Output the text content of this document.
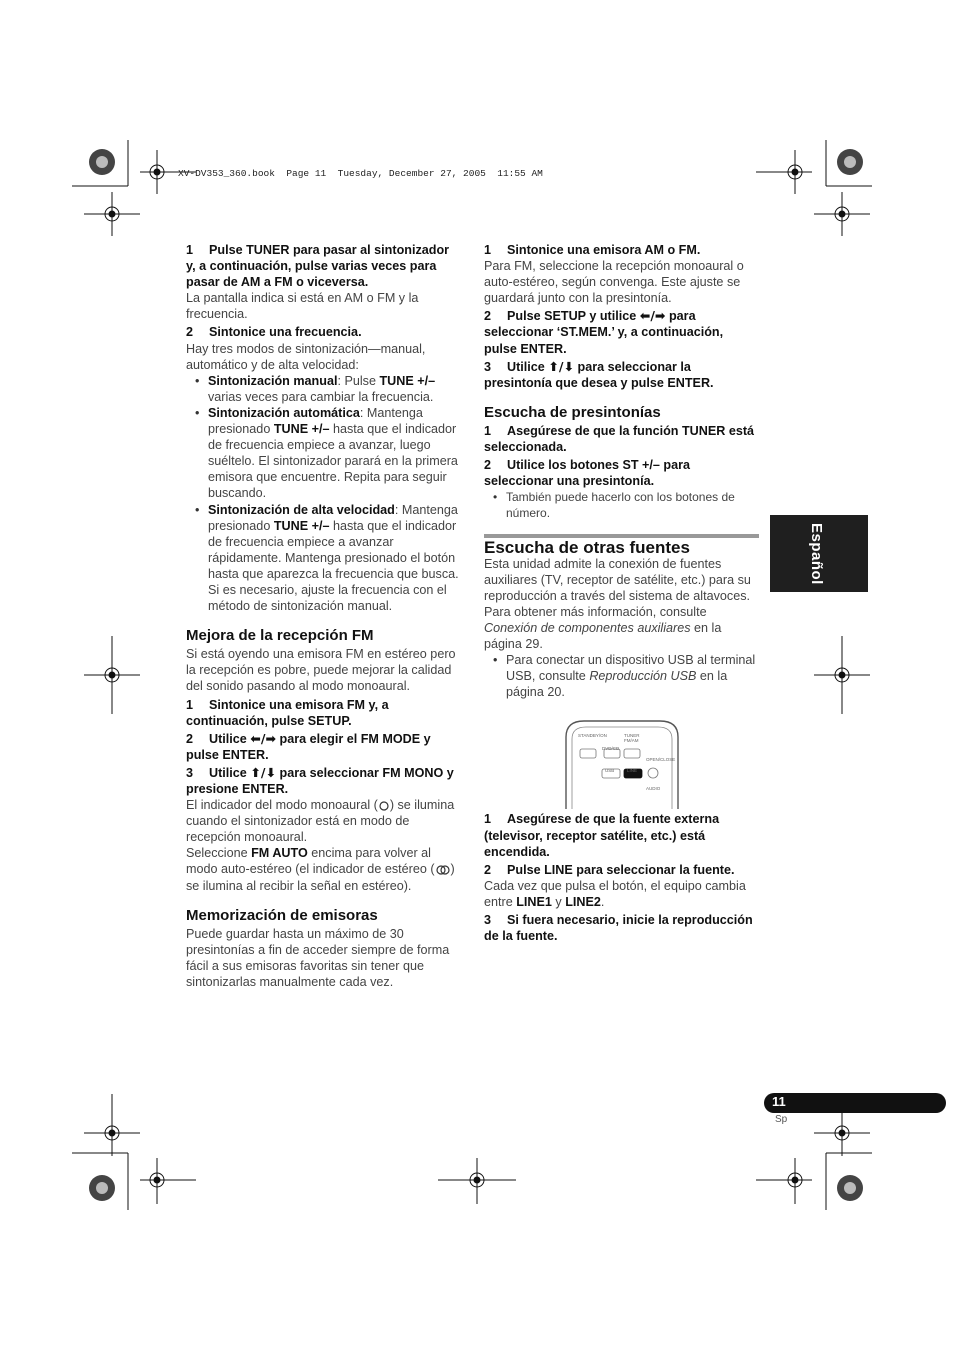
XV-DV353_360.book  Page 11  Tuesday, December 27, 2005  11:55 AM

1 Pulse TUNER para pasar al sintonizador y, a continuación, pulse varias veces para pasar de AM a FM o viceversa.

La pantalla indica si está en AM o FM y la frecuencia.

2 Sintonice una frecuencia.

Hay tres modos de sintonización—manual, automático y de alta velocidad:

• Sintonización manual: Pulse TUNE +/– varias veces para cambiar la frecuencia.
• Sintonización automática: Mantenga presionado TUNE +/– hasta que el indicador de frecuencia empiece a avanzar, luego suéltelo. El sintonizador parará en la primera emisora que encuentre. Repita para seguir buscando.
• Sintonización de alta velocidad: Mantenga presionado TUNE +/– hasta que el indicador de frecuencia empiece a avanzar rápidamente. Mantenga presionado el botón hasta que aparezca la frecuencia que busca. Si es necesario, ajuste la frecuencia con el método de sintonización manual.

Mejora de la recepción FM

Si está oyendo una emisora FM en estéreo pero la recepción es pobre, puede mejorar la calidad del sonido pasando al modo monoaural.

1 Sintonice una emisora FM y, a continuación, pulse SETUP.

2 Utilice ⬅/➡ para elegir el FM MODE y pulse ENTER.

3 Utilice ⬆/⬇ para seleccionar FM MONO y presione ENTER.

El indicador del modo monoaural ( ) se ilumina cuando el sintonizador está en modo de recepción monoaural.

Seleccione FM AUTO encima para volver al modo auto-estéreo (el indicador de estéreo ( ) se ilumina al recibir la señal en estéreo).

Memorización de emisoras

Puede guardar hasta un máximo de 30 presintonías a fin de acceder siempre de forma fácil a sus emisoras favoritas sin tener que sintonizarlas manualmente cada vez.

1 Sintonice una emisora AM o FM.

Para FM, seleccione la recepción monoaural o auto-estéreo, según convenga. Este ajuste se guardará junto con la presintonía.

2 Pulse SETUP y utilice ⬅/➡ para seleccionar ‘ST.MEM.’ y, a continuación, pulse ENTER.

3 Utilice ⬆/⬇ para seleccionar la presintonía que desea y pulse ENTER.

Escucha de presintonías

1 Asegúrese de que la función TUNER está seleccionada.

2 Utilice los botones ST +/– para seleccionar una presintonía.

• También puede hacerlo con los botones de número.

Escucha de otras fuentes

Esta unidad admite la conexión de fuentes auxiliares (TV, receptor de satélite, etc.) para su reproducción a través del sistema de altavoces. Para obtener más información, consulte Conexión de componentes auxiliares en la página 29.

• Para conectar un dispositivo USB al terminal USB, consulte Reproducción USB en la página 20.
STANDBY/ON
DVD/CD
TUNER FM/AM
USB	LINE
OPEN/CLOSE
AUDIO

1 Asegúrese de que la fuente externa (televisor, receptor satélite, etc.) está encendida.

2 Pulse LINE para seleccionar la fuente.

Cada vez que pulsa el botón, el equipo cambia entre LINE1 y LINE2.

3 Si fuera necesario, inicie la reproducción de la fuente.

Español
11
Sp
